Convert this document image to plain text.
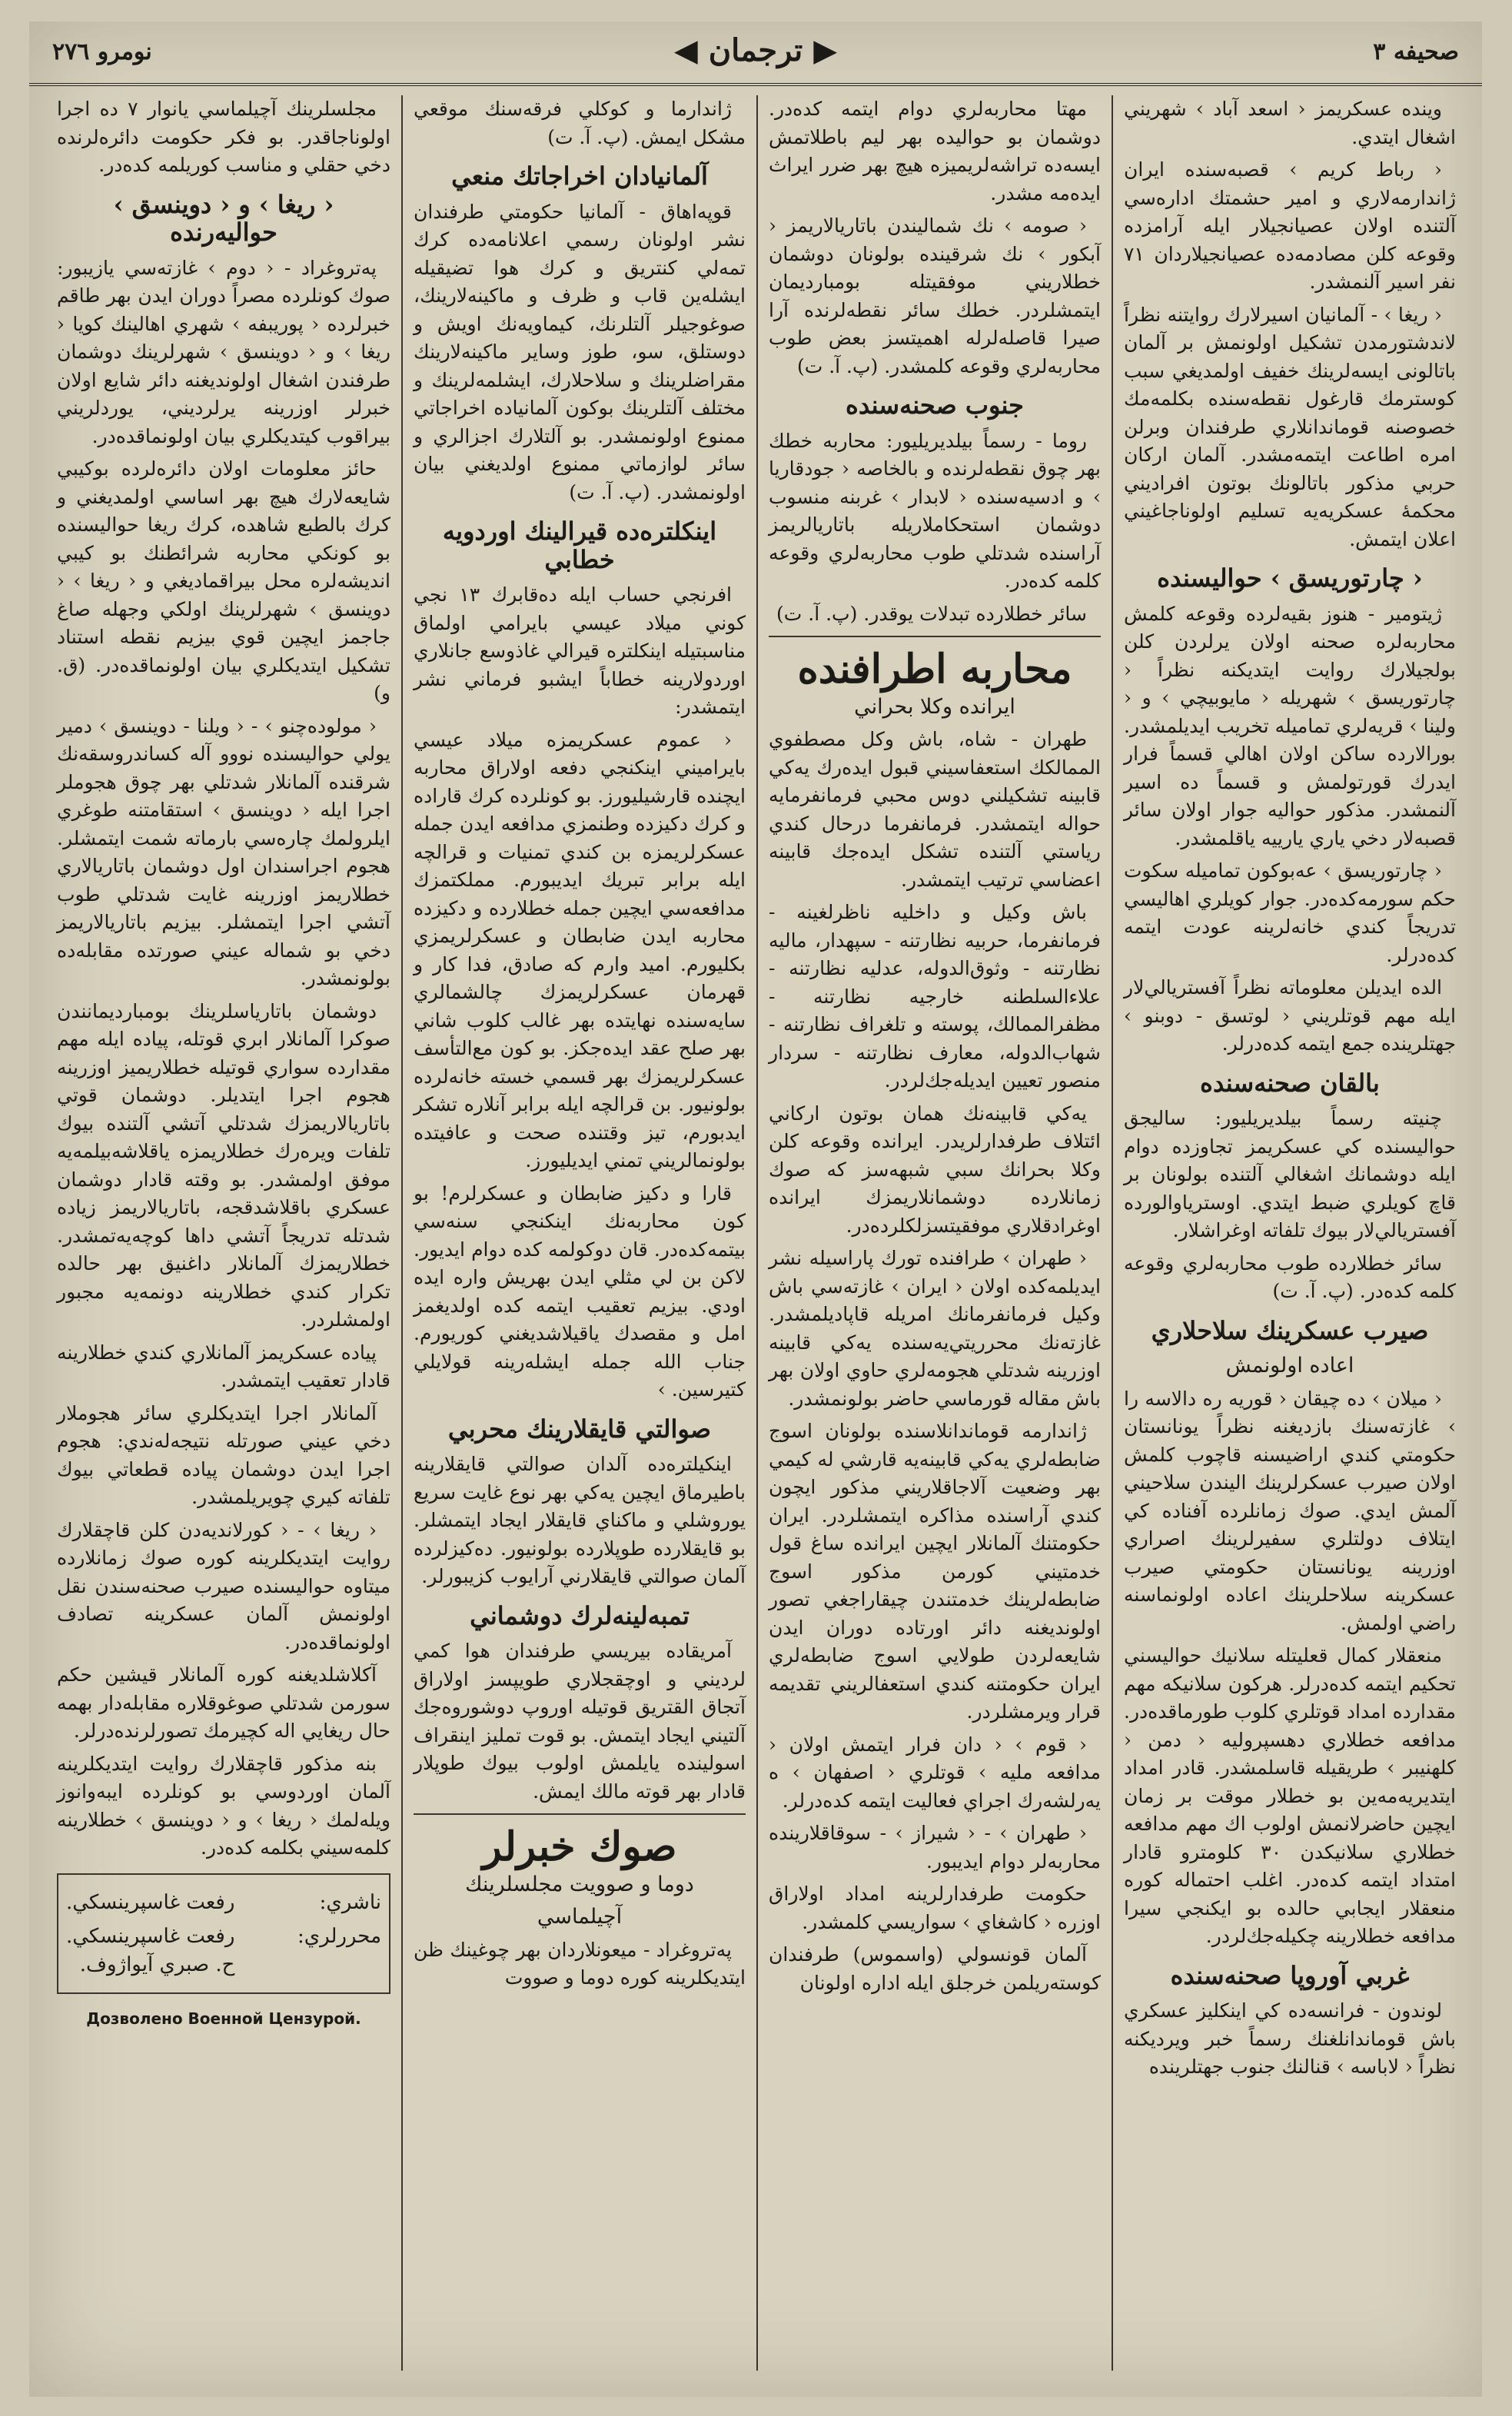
نومرو ٢٧٦	◀ ترجمان ▶	صحيفه ٣
وينده عسكريمز ‹ اسعد آباد › شهريني اشغال ايتدي.
‹ رباط كريم › قصبه‌سنده ايران ژاندارمه‌لاري و امير حشمتك اداره‌سي آلتنده اولان عصيانجيلار ايله آرامزده وقوعه كلن مصادمه‌ده عصيانجيلاردان ٧١ نفر اسير آلنمشدر.
‹ ريغا › - آلمانيان اسيرلارك روايتنه نظراً لاندشتورمدن تشكيل اولونمش بر آلمان باتالونی ايسه‌لرينك خفيف اولمديغي سبب كوسترمك قارغول نقطه‌سنده بكلمه‌مك خصوصنه قوماندانلاري طرفندان وبرلن امره اطاعت ايتمه‌مشدر. آلمان اركان حربي مذكور باتالونك بوتون افراديني محكمهٔ عسكريه‌يه تسليم اولوناجاغيني اعلان ايتمش.
‹ چارتوريسق › حواليسنده
ژيتومير - هنوز بقيه‌لرده وقوعه كلمش محاربه‌لره صحنه اولان يرلردن كلن بولجيلارك روايت ايتديكنه نظراً ‹ چارتوريسق › شهريله ‹ مايوبيچي › و ‹ ولينا › قريه‌لري تماميله تخريب ايديلمشدر. بورالارده ساكن اولان اهالي قسماً فرار ايدرك قورتولمش و قسماً ده اسير آلنمشدر. مذكور حواليه جوار اولان سائر قصبه‌لار دخي ياري يارييه ياقلمشدر.
‹ چارتوريسق › عه‌بوكون تماميله سكوت حكم سورمه‌كده‌در. جوار كويلري اهاليسي تدريجاً كندي خانه‌لرينه عودت ايتمه كده‌درلر.
الده ايديلن معلوماته نظراً آفستريالي‌لار ايله مهم قوتلريني ‹ لوتسق - دوبنو › جهتلرينده جمع ايتمه كده‌درلر.
بالقان صحنه‌سنده
چنيته رسماً بيلديريليور: ساليجق حواليسنده كي عسكريمز تجاوزده دوام ايله دوشمانك اشغالي آلتنده بولونان بر قاچ كويلري ضبط ايتدي. اوسترياوالورده آفستريالي‌لار بيوك تلفاته اوغراشلار.
سائر خطلارده طوب محاربه‌لري وقوعه كلمه كده‌در. (پ. آ. ت)
صيرب عسكرينك سلاحلاري
اعاده اولونمش
‹ ميلان › ده چيقان ‹ قوريه ره دالاسه را › غازته‌سنك بازديغنه نظراً يونانستان حكومتي كندي اراضيسنه قاچوب كلمش اولان صيرب عسكرلرينك اليندن سلاحيني آلمش ايدي. صوك زمانلرده آفنا‌ده كي ايتلاف دولتلري سفيرلرينك اصراري اوزرينه يونانستان حكومتي صيرب عسكرينه سلاحلرينك اعاده اولونماسنه راضي اولمش.
منعقلار كمال قعليتله سلانيك حواليسني تحكيم ايتمه كده‌درلر. هركون سلانيكه مهم مقدارده امداد قوتلري كلوب طورماقده‌در. مدافعه خطلاري دهسپروليه ‹ دمن ‹ كلهنيبر › طريقيله قاسلمشدر. قادر امداد ايتديريه‌مه‌ين بو خطلار موقت بر زمان ايچين حاضرلانمش اولوب اك مهم مدافعه خطلاري سلانيكدن ٣٠ كلومترو قادار امتداد ايتمه كده‌در. اغلب احتماله كوره منعقلار ايجابي حالده بو ايكنجي سيرا مدافعه خطلارينه چكيله‌جك‌لردر.
غربي آوروپا صحنه‌سنده
لوندون - فرانسه‌ده كي اينكليز عسكري باش قوماندانلغنك رسماً خبر ويرديكنه نظراً ‹ لاباسه › قنالنك جنوب جهتلرينده
مهتا محاربه‌لري دوام ايتمه كده‌در. دوشمان بو حواليده بهر ليم باطلاتمش ايسه‌ده تراشه‌لريميزه هيچ بهر ضرر ايراث ايده‌مه مشدر.
‹ صومه › نك شماليندن باتاريالاريمز ‹ آبكور › نك شرقينده بولونان دوشمان خطلاريني موفقيتله بومبارديمان ايتمشلردر. خطك سائر نقطه‌لرنده آرا صيرا قاصله‌لرله اهميتسز بعض طوب محاربه‌لري وقوعه كلمشدر. (پ. آ. ت)
جنوب صحنه‌سنده
روما - رسماً بيلديريليور: محاربه خطك بهر چوق نقطه‌لرنده و بالخاصه ‹ جودقاريا › و ادسيه‌سنده ‹ لابدار › غربنه منسوب دوشمان استحكاملاريله باتاريالريمز آراسنده شدتلي طوب محاربه‌لري وقوعه كلمه كده‌در.
سائر خطلارده تبدلات يوقدر. (پ. آ. ت)
محاربه اطرافنده
ايرانده وكلا بحراني
طهران - شاه، باش وكل مصطفوي الممالكك استعفاسيني قبول ايده‌رك يه‌كي قابينه تشكيلني دوس محبي فرمانفرمايه حواله ايتمشدر. فرمانفرما درحال كندي رياستي آلتنده تشكل ايده‌جك قابينه اعضاسي ترتيب ايتمشدر.
باش وكيل و داخليه ناظرلغينه - فرمانفرما، حربيه نظارتنه - سپهدار، ماليه نظارتنه - وثوق‌الدوله، عدليه نظارتنه - علاءالسلطنه خارجيه نظارتنه - مظفرالممالك، پوسته و تلغراف نظارتنه - شهاب‌الدوله، معارف نظارتنه - سردار منصور تعيين ايديله‌جك‌لردر.
يه‌كي قابينه‌نك همان بوتون اركاني ائتلاف طرفدارلريدر. ايرانده وقوعه كلن وكلا بحرانك سبي شبهه‌سز كه صوك زمانلارده دوشمانلاريمزك ايرانده اوغرادقلاري موفقيتسزلكلرده‌در.
‹ طهران › طرافنده تورك پاراسيله نشر ايديلمه‌كده اولان ‹ ايران › غازته‌سي باش وكيل فرمانفرمانك امريله قاپاديلمشدر. غازته‌نك محرريتي‌يه‌سنده يه‌كي قابينه اوزرينه شدتلي هجومه‌لري حاوي اولان بهر باش مقاله قورماسي حاضر بولونمشدر.
ژاندارمه قوماندانلاسنده بولونان اسوج ضابطه‌لري يه‌كي قابينه‌يه قارشي له كيمي بهر وضعيت آلاجاقلاريني مذكور ايچون كندي آراسنده مذاكره ايتمشلردر. ايران حكومتنك آلمانلار ايچين ايرانده ساغ قول خدمتيني كورمن مذكور اسوج ضابطه‌لرينك خدمتندن چيقاراجغي تصور اولونديغنه دائر اورتاده دوران ايدن شايعه‌لردن طولايي اسوج ضابطه‌لري ايران حكومتنه كندي استعفالريني تقديمه قرار ويرمشلردر.
‹ قوم › ‹ دان فرار ايتمش اولان ‹ مدافعه مليه › قوتلري ‹ اصفهان › ه يه‌رلشه‌رك اجراي فعاليت ايتمه كده‌درلر.
‹ طهران › - ‹ شيراز › - سوقاقلارينده محاربه‌لر دوام ايديبور.
حكومت طرفدارلرينه امداد اولاراق اوزره ‹ كاشغاي › سواريسي كلمشدر.
آلمان قونسولي (واسموس) طرفندان كوسته‌ريلمن خرجلق ايله اداره اولونان
ژاندارما و كوكلي فرقه‌سنك موقعي مشكل ايمش. (پ. آ. ت)
آلمانيادان اخراجاتك منعي
قوپه‌اهاق - آلمانيا حكومتي طرفندان نشر اولونان رسمي اعلانامه‌ده كرك تمه‌لي كنتريق و كرك هوا تضيقيله ايشله‌ين قاب و ظرف و ماكينه‌لارينك، صوغوجيلر آلتلرنك، كيماويه‌نك اويش و دوستلق، سو، طوز وساير ماكينه‌لارينك مقراضلرينك و سلاحلارك، ايشلمه‌لرينك و مختلف آلتلرينك بوكون آلمانياده اخراجاتي ممنوع اولونمشدر. بو آلتلارك اجزالري و سائر لوازماتي ممنوع اولديغني بيان اولونمشدر. (پ. آ. ت)
اينكلتره‌ده قيرالينك اوردويه خطابي
افرنجي حساب ايله ده‌قابرك ١٣ نجي كوني ميلاد عيسي بايرامي اولماق مناسبتيله اينكلتره قيرالي غاذوسع جانلاري اوردولارينه خطاباً ايشبو فرماني نشر ايتمشدر:
‹ عموم عسكريمزه ميلاد عيسي بايراميني اينكنجي دفعه اولاراق محاربه ايچنده قارشيليورز. بو كونلرده كرك قاراده و كرك دكيزده وطنمزي مدافعه ايدن جمله عسكرلريمزه بن كندي تمنيات و قرالچه ايله برابر تبريك ايديبورم. مملكتمزك مدافعه‌سي ايچين جمله خطلارده و دكيزده محاربه ايدن ضابطان و عسكرلريمزي بكليورم. اميد وارم كه صادق، فدا كار و قهرمان عسكرلريمزك چالشمالري سايه‌سنده نهايتده بهر غالب كلوب شاني بهر صلح عقد ايده‌جكز. بو كون مع‌التأسف عسكرلريمزك بهر قسمي خسته خانه‌لرده بولونيور. بن قرالچه ايله برابر آنلاره تشكر ايدبورم، تيز وقتنده صحت و عافيتده بولونمالريني تمني ايديليورز.
قارا و دكيز ضابطان و عسكرلرم! بو كون محاربه‌نك اينكنجي سنه‌سي بيتمه‌كده‌در. قان دوكولمه كده دوام ايديور. لاكن بن لي مثلي ايدن بهريش واره ايده اودي. بيزيم تعقيب ايتمه كده اولديغمز امل و مقصدك ياقيلاشديغني كوريورم. جناب الله جمله ايشله‌رينه قولايلي كتيرسين. ›
صوالتي قايقلارينك محربي
اينكيلتره‌ده آلدان صوالتي قايقلارينه باطيرماق ايچين يه‌كي بهر نوع غايت سريع يوروشلي و ماكناي قايقلار ايجاد ايتمشلر. بو قايقلارده طوپلارده بولونيور. ده‌كيزلرده آلمان صوالتي قايقلارني آرايوب كزيبورلر.
تمبه‌لينه‌لرك دوشماني
آمريقاده بيريسي طرفندان هوا كمي لرديني و اوچقجلاري طويپسز اولاراق آتجاق القتريق قوتيله اوروپ دوشوروه‌جك آلتيني ايجاد ايتمش. بو قوت تمليز اينقراف اسولينده يايلمش اولوب بيوك طوپلار قادار بهر قوته مالك ايمش.
صوك خبرلر
دوما و صوويت مجلسلرينك
آچيلماسي
په‌تروغراد - ميعونلاردان بهر چوغينك ظن ايتديكلرينه كوره دوما و صووت
مجلسلرينك آچيلماسي يانوار ٧ ده اجرا اولوناجاقدر. بو فكر حكومت دائره‌لرنده دخي حقلي و مناسب كوريلمه كده‌در.
‹ ريغا › و ‹ دوينسق › حواليه‌رنده
په‌تروغراد - ‹ دوم › غازته‌سي يازيبور: صوك كونلرده مصراً دوران ايدن بهر طاقم خبرلرده ‹ پوريبفه › شهري اهالينك كويا ‹ ريغا › و ‹ دوينسق › شهرلرينك دوشمان طرفندن اشغال اولونديغنه دائر شايع اولان خبرلر اوزرينه يرلرديني، يوردلريني بيراقوب كيتديكلري بيان اولونماقده‌در.
حائز معلومات اولان دائره‌لرده بوكيبي شايعه‌لارك هيچ بهر اساسي اولمديغني و كرك بالطبع شاهده، كرك ريغا حواليسنده بو كونكي محاربه شرائطنك بو كيبي انديشه‌لره محل بيراقماديغي و ‹ ريغا › ‹ دوينسق › شهرلرينك اولكي وجهله صاغ جاجمز ايچين قوي بيزيم نقطه استناد تشكيل ايتديكلري بيان اولونماقده‌در. (ق. و)
‹ مولوده‌چنو › - ‹ ويلنا - دوينسق › دمير يولي حواليسنده نووو آله كساندروسقه‌نك شرقنده آلمانلار شدتلي بهر چوق هجوملر اجرا ايله ‹ دوينسق › استقامتنه طوغري ايلرولمك چاره‌سي بارماته شمت ايتمشلر. هجوم اجراسندان اول دوشمان باتاريالاري خطلاريمز اوزرينه غايت شدتلي طوب آتشي اجرا ايتمشلر. بيزيم باتاريالاريمز دخي بو شماله عيني صورتده مقابله‌ده بولونمشدر.
دوشمان باتارياسلرينك بومبارديمانندن صوكرا آلمانلار ابري قوتله، پياده ايله مهم مقدارده سواري قوتيله خطلاريميز اوزرينه هجوم اجرا ايتديلر. دوشمان قوتي باتاريالاريمزك شدتلي آتشي آلتنده بيوك تلفات ويره‌رك خطلاريمزه ياقلاشه‌بيلمه‌يه موفق اولمشدر. بو وقته قادار دوشمان عسكري باقلاشدقجه، باتاريالاريمز زياده شدتله تدريجاً آتشي داها كوچه‌يه‌تمشدر. خطلاريمزك آلمانلار داغنيق بهر حالده تكرار كندي خطلارينه دونمه‌يه مجبور اولمشلردر.
پياده عسكريمز آلمانلاري كندي خطلارينه قادار تعقيب ايتمشدر.
آلمانلار اجرا ايتديكلري سائر هجوملار دخي عيني صورتله نتيجه‌له‌ندي: هجوم اجرا ايدن دوشمان پياده قطعاتي بيوك تلفاته كيري چويريلمشدر.
‹ ريغا › - ‹ كورلانديه‌دن كلن قاچقلارك روايت ايتديكلرينه كوره صوك زمانلارده ميتاوه حواليسنده صيرب صحنه‌سندن نقل اولونمش آلمان عسكرينه تصادف اولونماقده‌در.
آكلاشلديغنه كوره آلمانلار قيشين حكم سورمن شدتلي صوغوقلاره مقابله‌دار بهمه حال ريغايي اله كچيرمك تصورلرنده‌درلر.
بنه مذكور قاچقلارك روايت ايتديكلرينه آلمان اوردوسي بو كونلرده ايبه‌وانوز ويله‌لمك ‹ ريغا › و ‹ دوينسق › خطلارينه كلمه‌سيني بكلمه كده‌در.
ناشري:
رفعت غاسپرينسكي.
محررلري:
رفعت غاسپرينسكي.
ح. صبري آيواژوف.
Дозволено Военной Цензурой.
